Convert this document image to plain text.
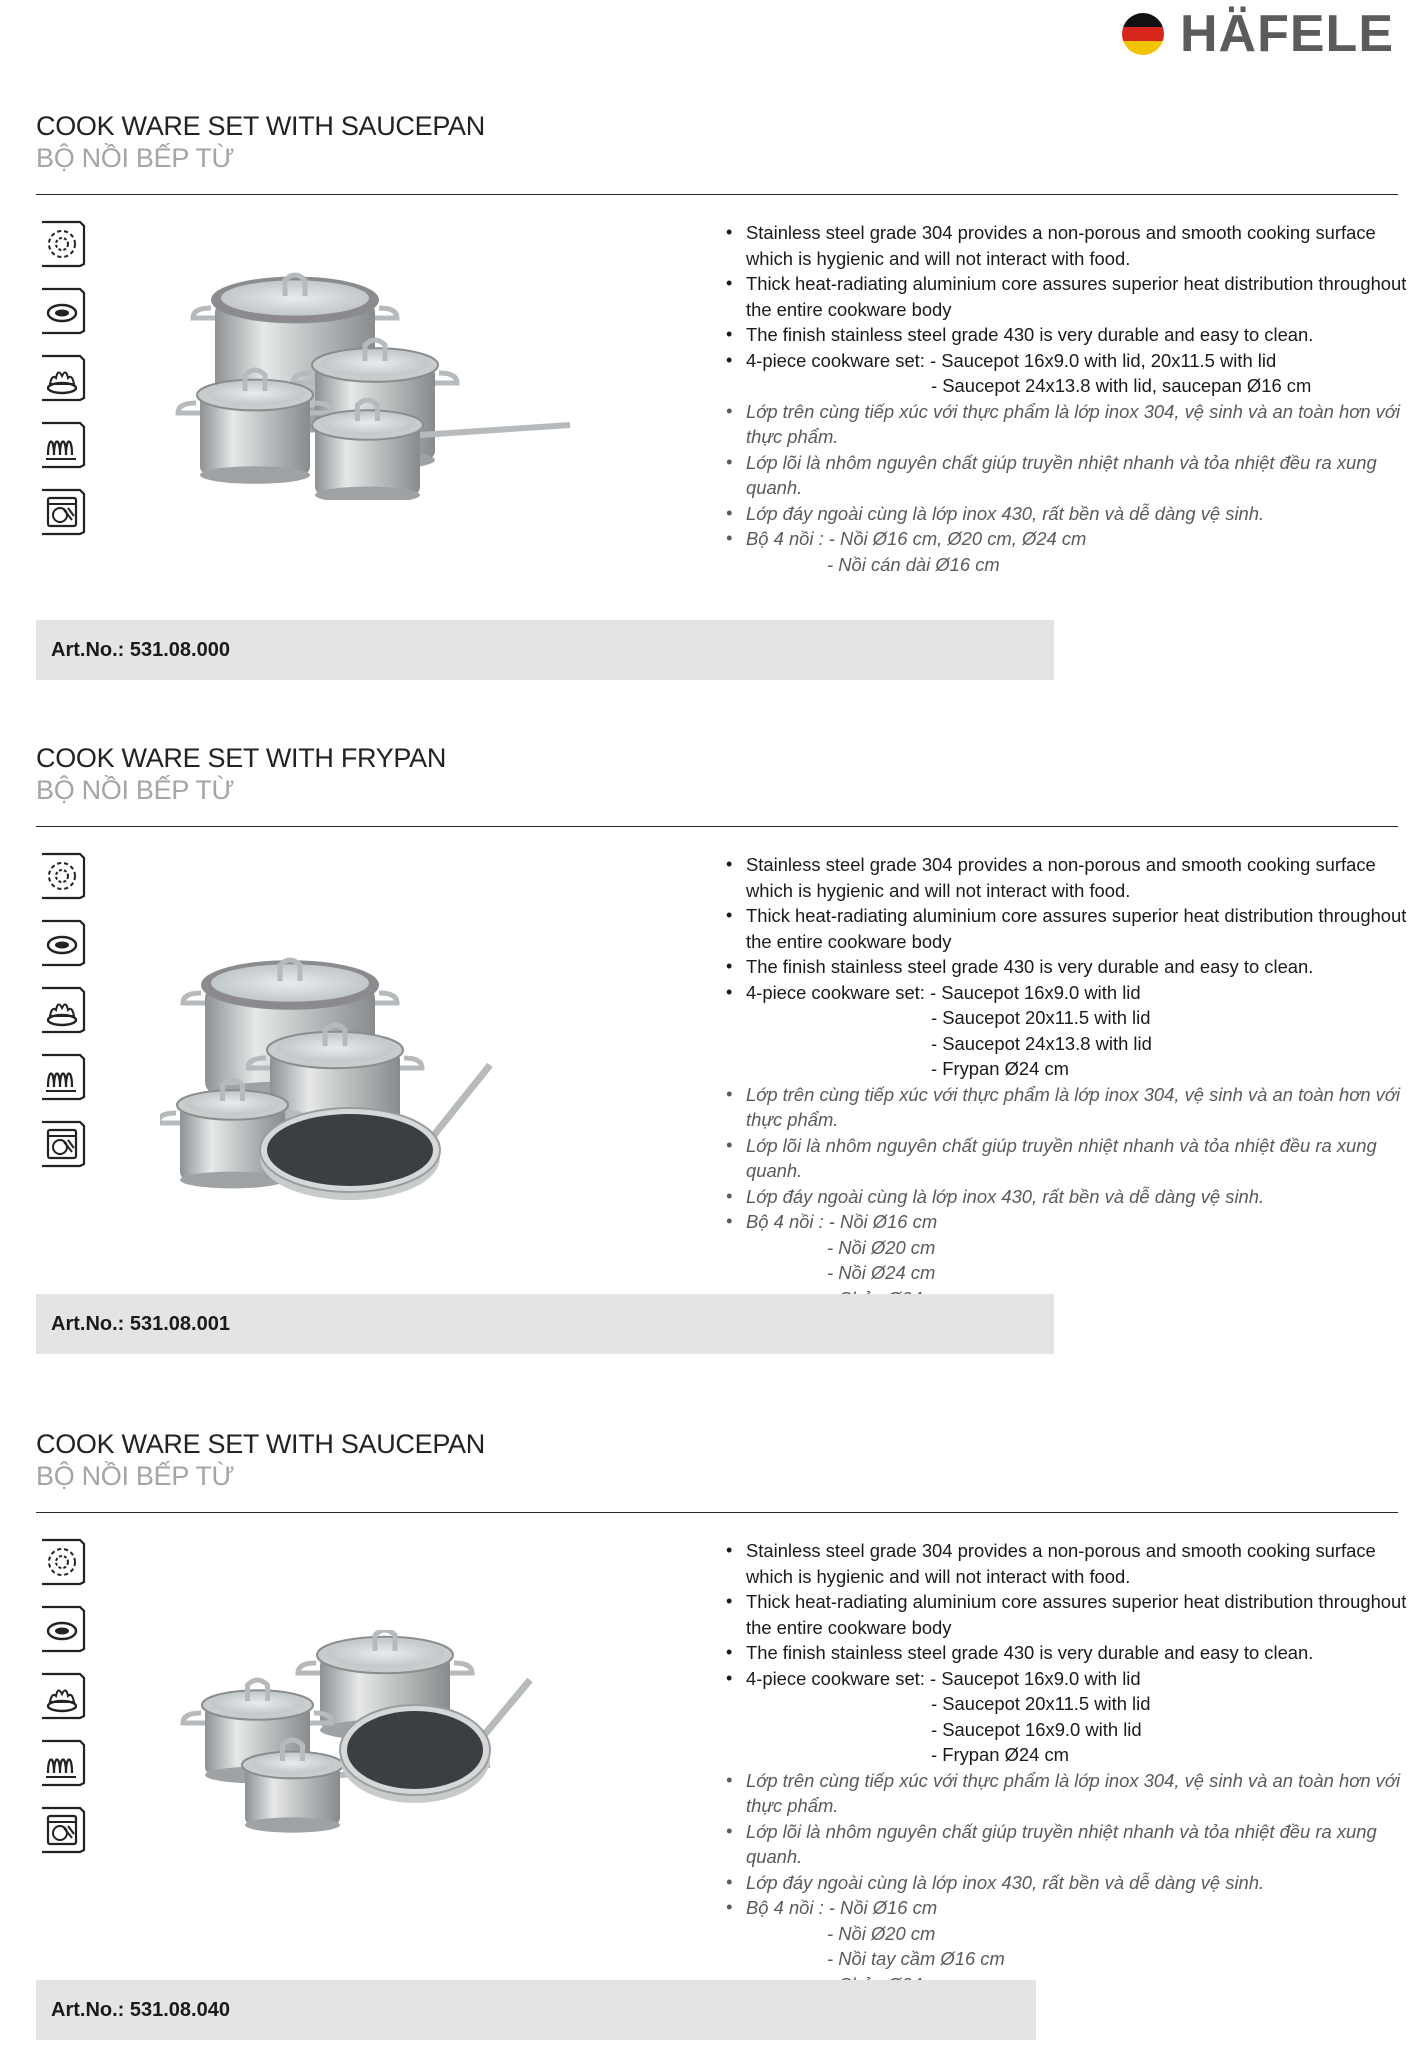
HÄFELE
COOK WARE SET WITH SAUCEPAN
BỘ NỒI BẾP TỪ
• Stainless steel grade 304 provides a non-porous and smooth cooking surface which is hygienic and will not interact with food.
• Thick heat-radiating aluminium core assures superior heat distribution throughout the entire cookware body
• The finish stainless steel grade 430 is very durable and easy to clean.
• 4-piece cookware set: - Saucepot 16x9.0 with lid, 20x11.5 with lid
- Saucepot 24x13.8 with lid, saucepan Ø16 cm
• Lớp trên cùng tiếp xúc với thực phẩm là lớp inox 304, vệ sinh và an toàn hơn với thực phẩm.
• Lớp lõi là nhôm nguyên chất giúp truyền nhiệt nhanh và tỏa nhiệt đều ra xung quanh.
• Lớp đáy ngoài cùng là lớp inox 430, rất bền và dễ dàng vệ sinh.
• Bộ 4 nồi : - Nồi Ø16 cm, Ø20 cm, Ø24 cm
- Nồi cán dài Ø16 cm
Art.No.: 531.08.000
COOK WARE SET WITH FRYPAN
BỘ NỒI BẾP TỪ
• Stainless steel grade 304 provides a non-porous and smooth cooking surface which is hygienic and will not interact with food.
• Thick heat-radiating aluminium core assures superior heat distribution throughout the entire cookware body
• The finish stainless steel grade 430 is very durable and easy to clean.
• 4-piece cookware set: - Saucepot 16x9.0 with lid
- Saucepot 20x11.5 with lid
- Saucepot 24x13.8 with lid
- Frypan Ø24 cm
• Lớp trên cùng tiếp xúc với thực phẩm là lớp inox 304, vệ sinh và an toàn hơn với thực phẩm.
• Lớp lõi là nhôm nguyên chất giúp truyền nhiệt nhanh và tỏa nhiệt đều ra xung quanh.
• Lớp đáy ngoài cùng là lớp inox 430, rất bền và dễ dàng vệ sinh.
• Bộ 4 nồi : - Nồi Ø16 cm
- Nồi Ø20 cm
- Nồi Ø24 cm
Art.No.: 531.08.001
COOK WARE SET WITH SAUCEPAN
BỘ NỒI BẾP TỪ
• Stainless steel grade 304 provides a non-porous and smooth cooking surface which is hygienic and will not interact with food.
• Thick heat-radiating aluminium core assures superior heat distribution throughout the entire cookware body
• The finish stainless steel grade 430 is very durable and easy to clean.
• 4-piece cookware set: - Saucepot 16x9.0 with lid
- Saucepot 20x11.5 with lid
- Saucepot 16x9.0 with lid
- Frypan Ø24 cm
• Lớp trên cùng tiếp xúc với thực phẩm là lớp inox 304, vệ sinh và an toàn hơn với thực phẩm.
• Lớp lõi là nhôm nguyên chất giúp truyền nhiệt nhanh và tỏa nhiệt đều ra xung quanh.
• Lớp đáy ngoài cùng là lớp inox 430, rất bền và dễ dàng vệ sinh.
• Bộ 4 nồi : - Nồi Ø16 cm
- Nồi Ø20 cm
- Nồi tay cầm Ø16 cm
Art.No.: 531.08.040
